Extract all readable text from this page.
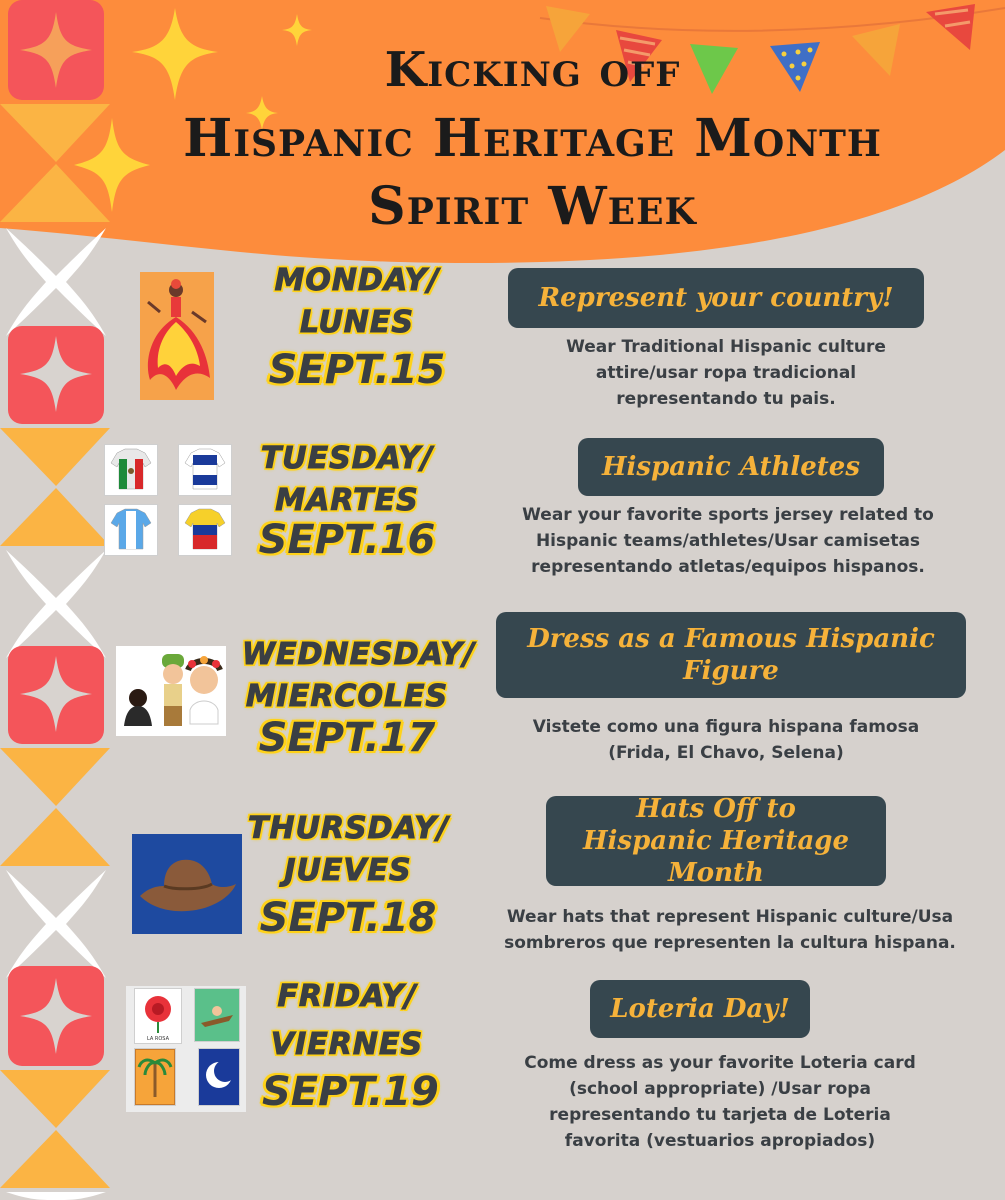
Kicking off
Hispanic Heritage Month
Spirit Week
MONDAY/
LUNES
SEPT.15
Represent your country!
Wear Traditional Hispanic culture attire/usar ropa tradicional representando tu pais.
TUESDAY/
MARTES
SEPT.16
Hispanic Athletes
Wear your favorite sports jersey related to Hispanic teams/athletes/Usar camisetas representando atletas/equipos hispanos.
WEDNESDAY/
MIERCOLES
SEPT.17
Dress as a Famous Hispanic Figure
Vistete como una figura hispana famosa (Frida, El Chavo, Selena)
THURSDAY/
JUEVES
SEPT.18
Hats Off to Hispanic Heritage Month
Wear hats that represent Hispanic culture/Usa sombreros que representen la cultura hispana.
LA ROSA
FRIDAY/
VIERNES
SEPT.19
Loteria Day!
Come dress as your favorite Loteria card (school appropriate) /Usar ropa representando tu tarjeta de Loteria favorita (vestuarios apropiados)
